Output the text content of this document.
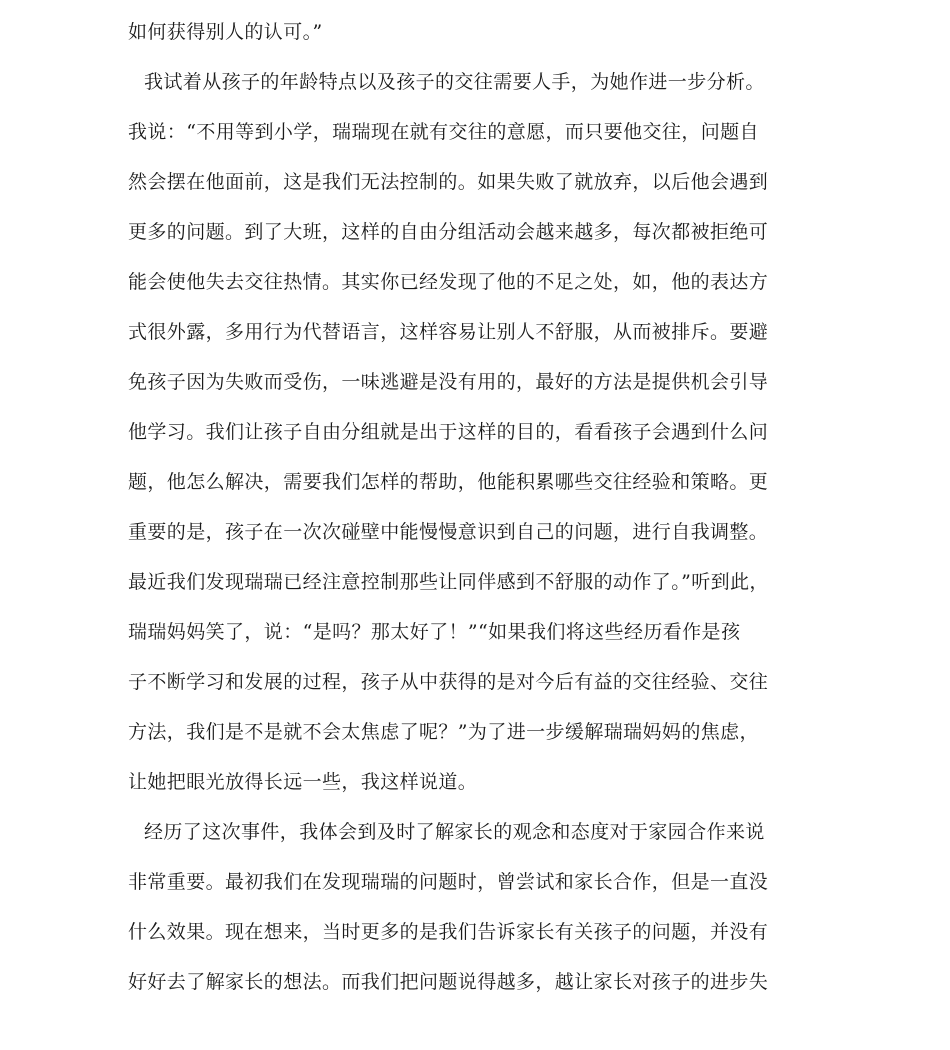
如何获得别人的认可。”
我试着从孩子的年龄特点以及孩子的交往需要人手，为她作进一步分析。
我说：“不用等到小学，瑞瑞现在就有交往的意愿，而只要他交往，问题自
然会摆在他面前，这是我们无法控制的。如果失败了就放弃，以后他会遇到
更多的问题。到了大班，这样的自由分组活动会越来越多，每次都被拒绝可
能会使他失去交往热情。其实你已经发现了他的不足之处，如，他的表达方
式很外露，多用行为代替语言，这样容易让别人不舒服，从而被排斥。要避
免孩子因为失败而受伤，一味逃避是没有用的，最好的方法是提供机会引导
他学习。我们让孩子自由分组就是出于这样的目的，看看孩子会遇到什么问
题，他怎么解决，需要我们怎样的帮助，他能积累哪些交往经验和策略。更
重要的是，孩子在一次次碰壁中能慢慢意识到自己的问题，进行自我调整。
最近我们发现瑞瑞已经注意控制那些让同伴感到不舒服的动作了。”听到此，
瑞瑞妈妈笑了，说：“是吗？那太好了！”“如果我们将这些经历看作是孩
子不断学习和发展的过程，孩子从中获得的是对今后有益的交往经验、交往
方法，我们是不是就不会太焦虑了呢？”为了进一步缓解瑞瑞妈妈的焦虑，
让她把眼光放得长远一些，我这样说道。
经历了这次事件，我体会到及时了解家长的观念和态度对于家园合作来说
非常重要。最初我们在发现瑞瑞的问题时，曾尝试和家长合作，但是一直没
什么效果。现在想来，当时更多的是我们告诉家长有关孩子的问题，并没有
好好去了解家长的想法。而我们把问题说得越多，越让家长对孩子的进步失
